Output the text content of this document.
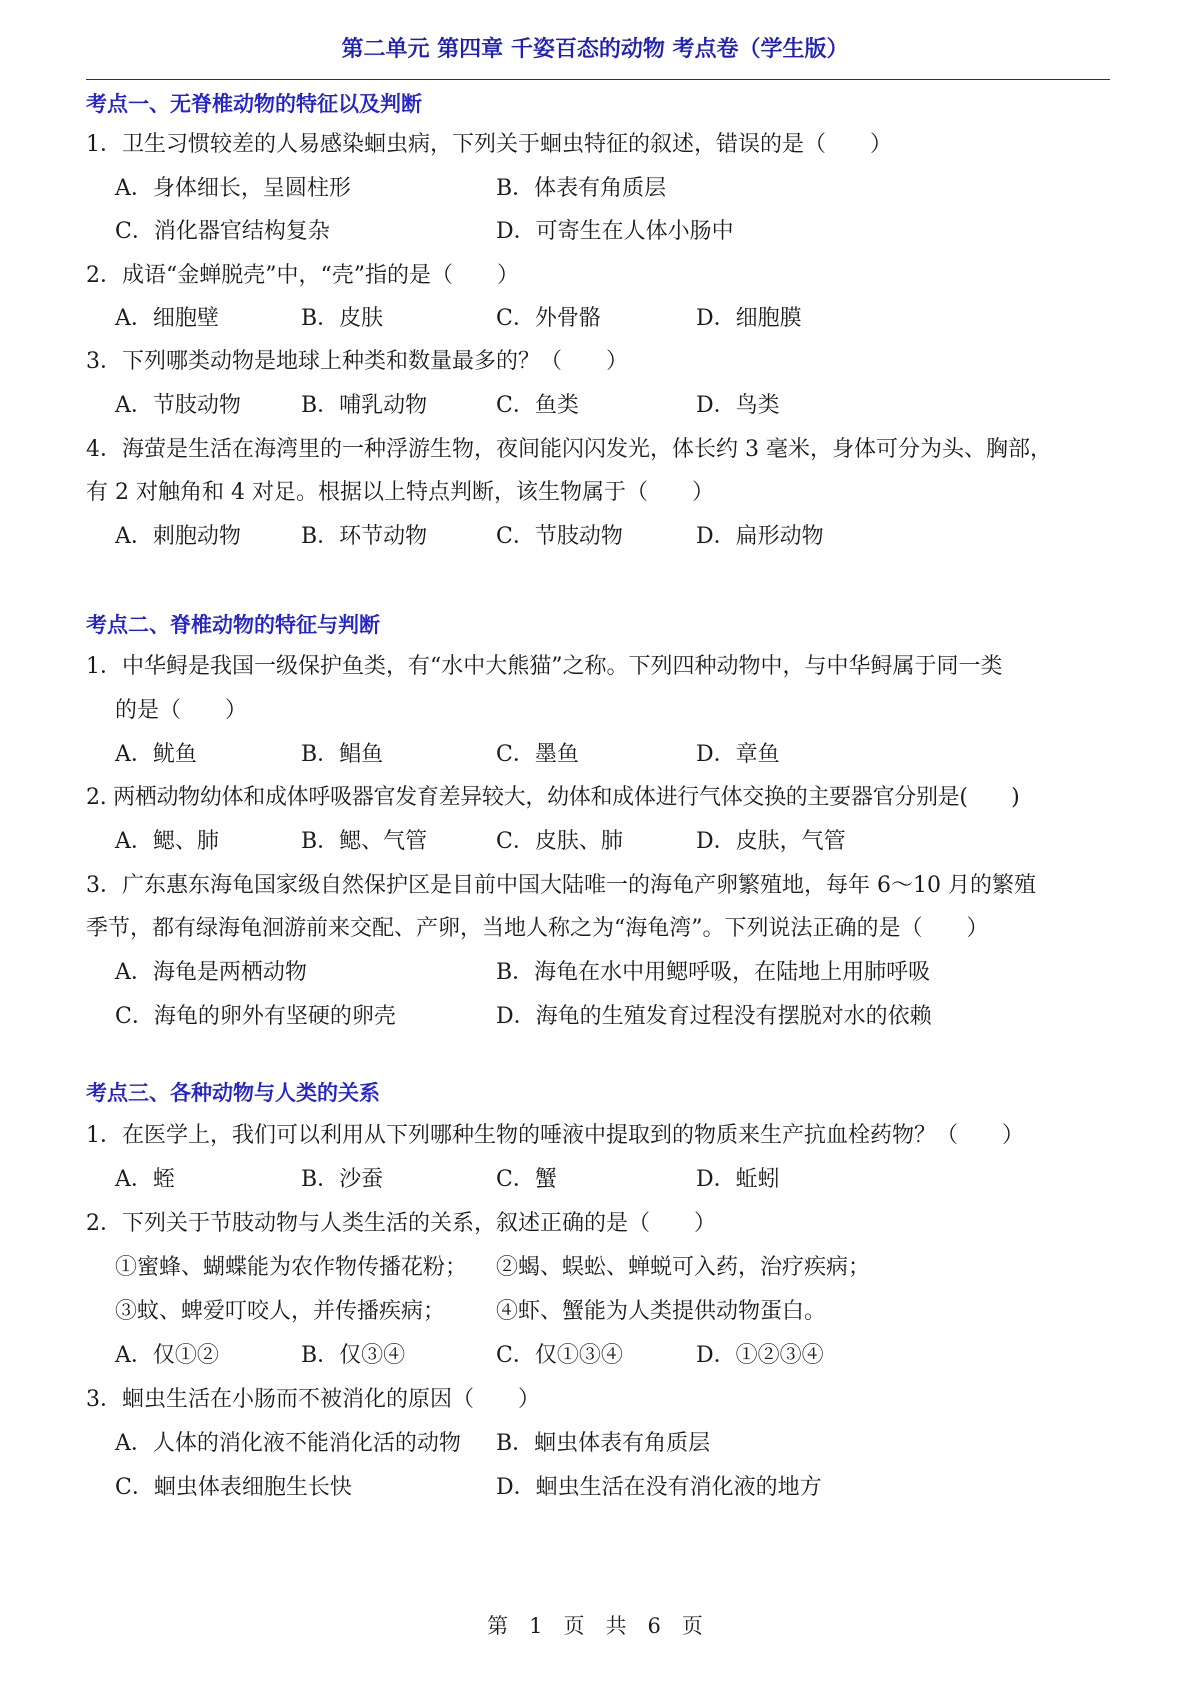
第二单元 第四章 千姿百态的动物 考点卷（学生版）
考点一、无脊椎动物的特征以及判断
1．卫生习惯较差的人易感染蛔虫病，下列关于蛔虫特征的叙述，错误的是（　　）
A．身体细长，呈圆柱形	B．体表有角质层
C．消化器官结构复杂	D．可寄生在人体小肠中
2．成语“金蝉脱壳”中，“壳”指的是（　　）
A．细胞壁	B．皮肤	C．外骨骼	D．细胞膜
3．下列哪类动物是地球上种类和数量最多的？（　　）
A．节肢动物	B．哺乳动物	C．鱼类	D．鸟类
4．海萤是生活在海湾里的一种浮游生物，夜间能闪闪发光，体长约 3 毫米，身体可分为头、胸部，
有 2 对触角和 4 对足。根据以上特点判断，该生物属于（　　）
A．刺胞动物	B．环节动物	C．节肢动物	D．扁形动物
考点二、脊椎动物的特征与判断
1．中华鲟是我国一级保护鱼类，有“水中大熊猫”之称。下列四种动物中，与中华鲟属于同一类
的是（　　）
A．鱿鱼	B．鲳鱼	C．墨鱼	D．章鱼
2. 两栖动物幼体和成体呼吸器官发育差异较大，幼体和成体进行气体交换的主要器官分别是(　　)
A．鳃、肺	B．鳃、气管	C．皮肤、肺	D．皮肤，气管
3．广东惠东海龟国家级自然保护区是目前中国大陆唯一的海龟产卵繁殖地，每年 6～10 月的繁殖
季节，都有绿海龟洄游前来交配、产卵，当地人称之为“海龟湾”。下列说法正确的是（　　）
A．海龟是两栖动物	B．海龟在水中用鳃呼吸，在陆地上用肺呼吸
C．海龟的卵外有坚硬的卵壳	D．海龟的生殖发育过程没有摆脱对水的依赖
考点三、各种动物与人类的关系
1．在医学上，我们可以利用从下列哪种生物的唾液中提取到的物质来生产抗血栓药物？（　　）
A．蛭	B．沙蚕	C．蟹	D．蚯蚓
2．下列关于节肢动物与人类生活的关系，叙述正确的是（　　）
①蜜蜂、蝴蝶能为农作物传播花粉； ②蝎、蜈蚣、蝉蜕可入药，治疗疾病；
③蚊、蜱爱叮咬人，并传播疾病； ④虾、蟹能为人类提供动物蛋白。
A．仅①②	B．仅③④	C．仅①③④	D．①②③④
3．蛔虫生活在小肠而不被消化的原因（　　）
A．人体的消化液不能消化活的动物 B．蛔虫体表有角质层
C．蛔虫体表细胞生长快	D．蛔虫生活在没有消化液的地方
第　1　页　共　6　页
